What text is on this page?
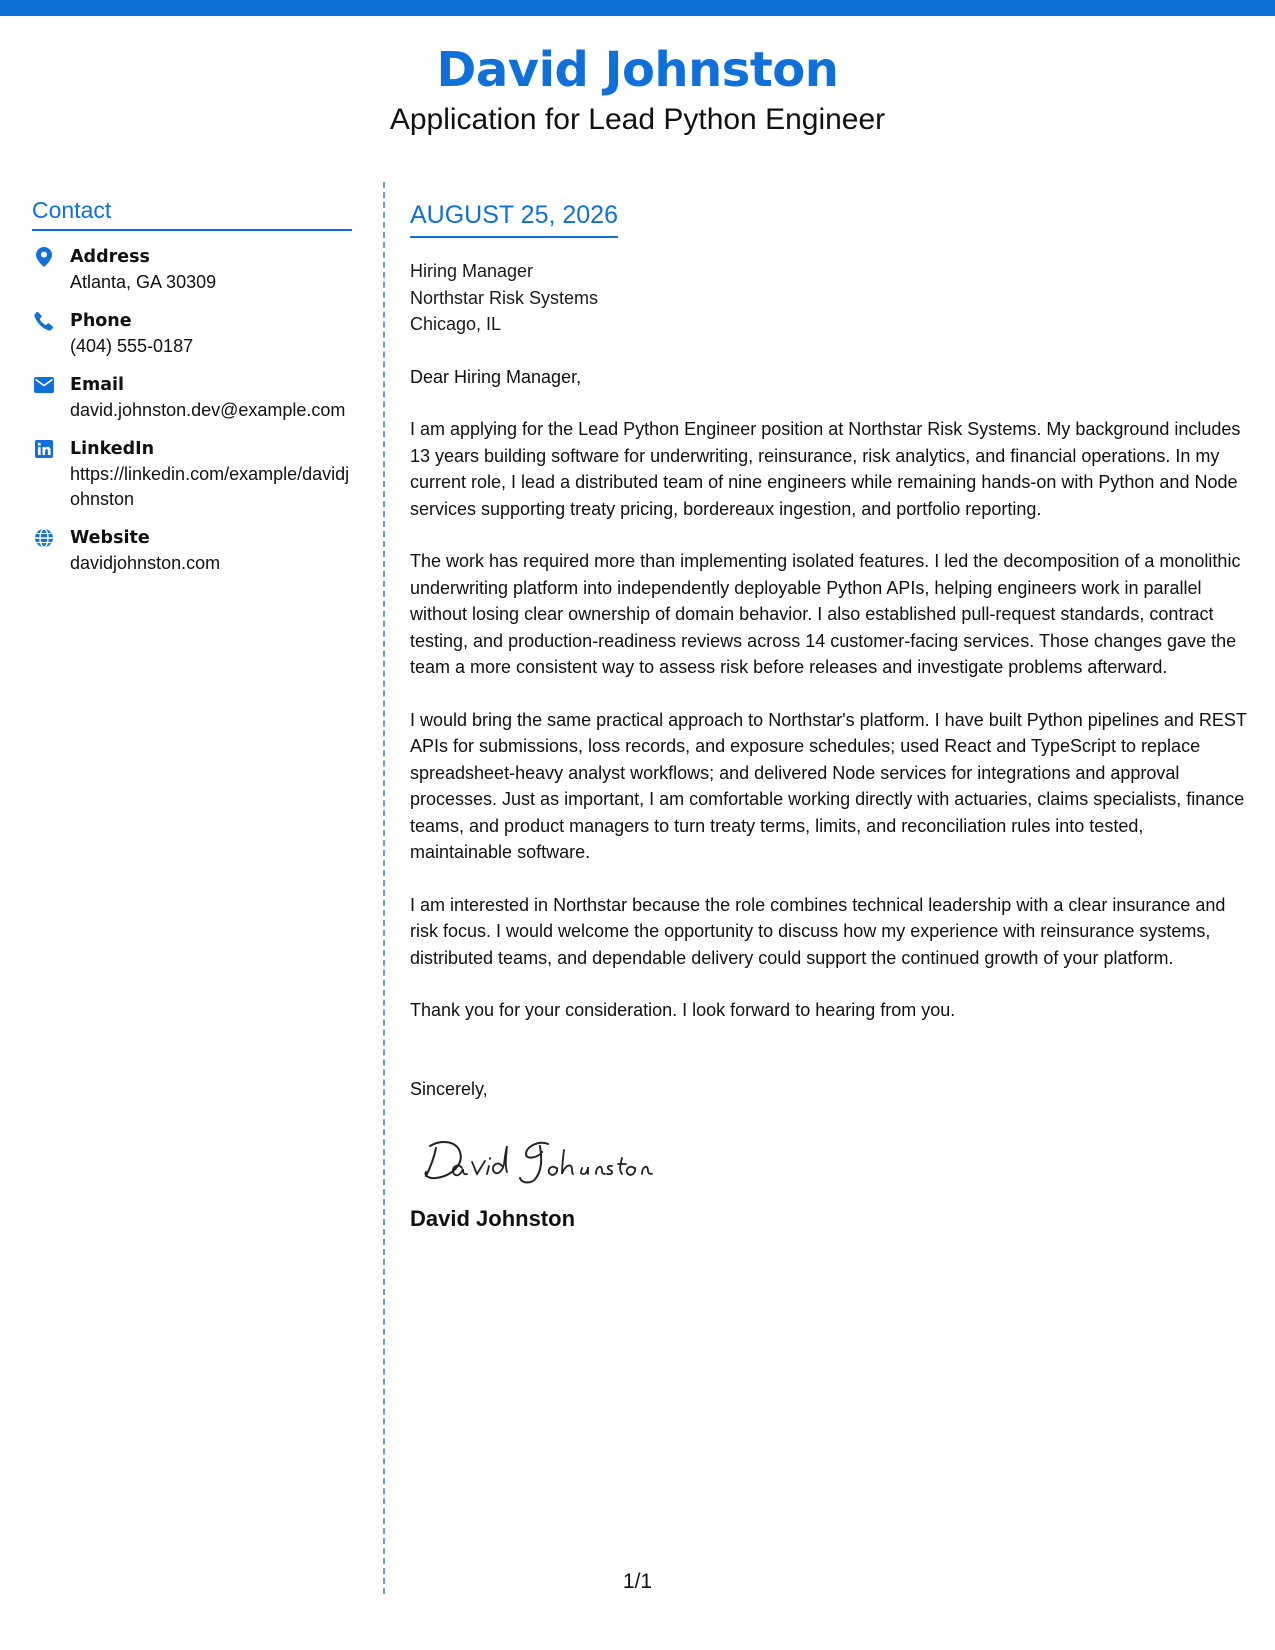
David Johnston
Application for Lead Python Engineer
Contact
Address
Atlanta, GA 30309
Phone
(404) 555-0187
Email
david.johnston.dev@example.com
LinkedIn
https://linkedin.com/example/davidjohnston
Website
davidjohnston.com
AUGUST 25, 2026
Hiring Manager
Northstar Risk Systems
Chicago, IL
Dear Hiring Manager,
I am applying for the Lead Python Engineer position at Northstar Risk Systems. My background includes 13 years building software for underwriting, reinsurance, risk analytics, and financial operations. In my current role, I lead a distributed team of nine engineers while remaining hands-on with Python and Node services supporting treaty pricing, bordereaux ingestion, and portfolio reporting.
The work has required more than implementing isolated features. I led the decomposition of a monolithic underwriting platform into independently deployable Python APIs, helping engineers work in parallel without losing clear ownership of domain behavior. I also established pull-request standards, contract testing, and production-readiness reviews across 14 customer-facing services. Those changes gave the team a more consistent way to assess risk before releases and investigate problems afterward.
I would bring the same practical approach to Northstar's platform. I have built Python pipelines and REST APIs for submissions, loss records, and exposure schedules; used React and TypeScript to replace spreadsheet-heavy analyst workflows; and delivered Node services for integrations and approval processes. Just as important, I am comfortable working directly with actuaries, claims specialists, finance teams, and product managers to turn treaty terms, limits, and reconciliation rules into tested, maintainable software.
I am interested in Northstar because the role combines technical leadership with a clear insurance and risk focus. I would welcome the opportunity to discuss how my experience with reinsurance systems, distributed teams, and dependable delivery could support the continued growth of your platform.
Thank you for your consideration. I look forward to hearing from you.
Sincerely,
David Johnston
1/1
